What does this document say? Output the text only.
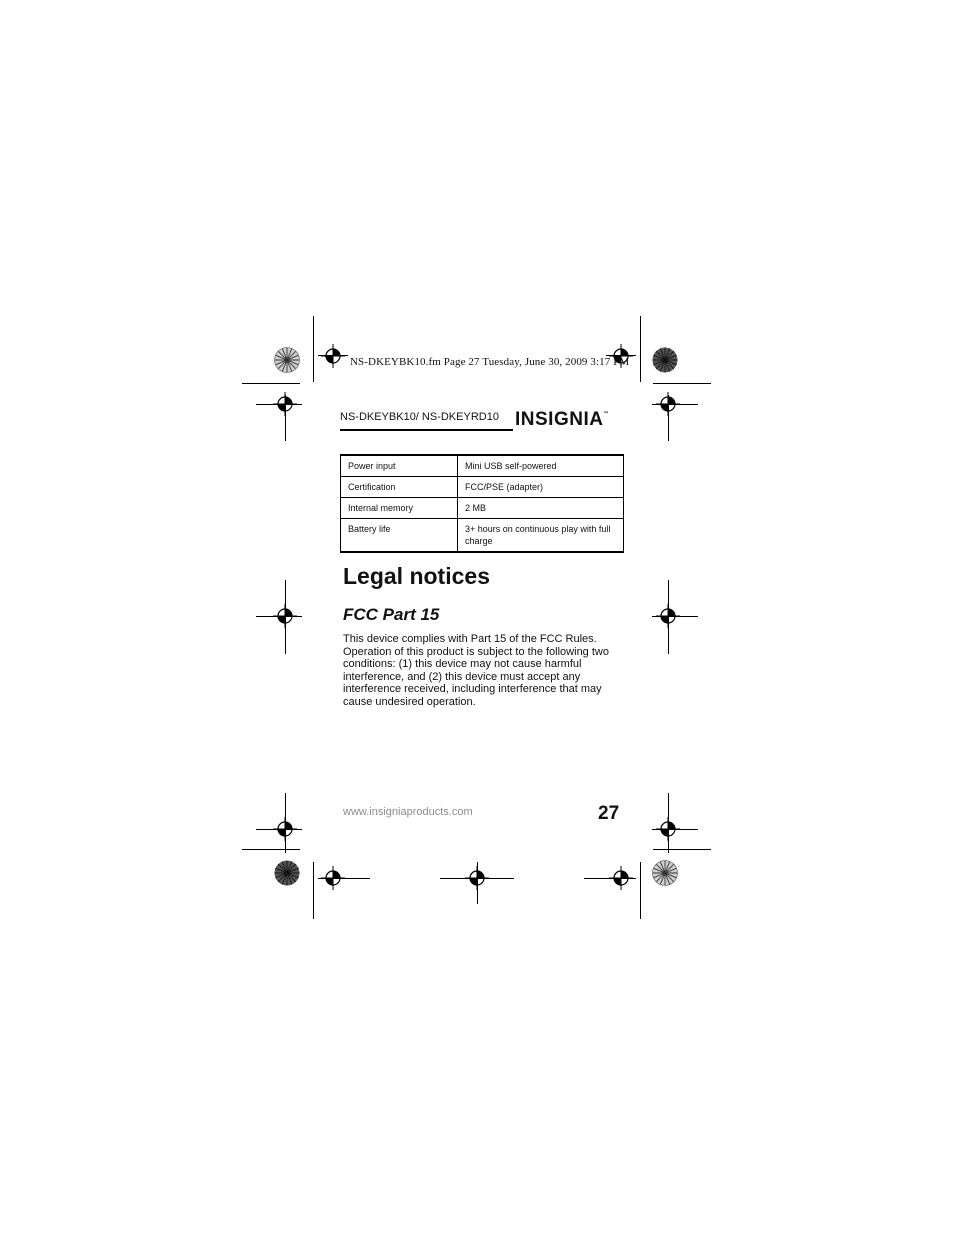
NS-DKEYBK10.fm Page 27 Tuesday, June 30, 2009 3:17 PM
NS-DKEYBK10/ NS-DKEYRD10 INSIGNIA™
Power input	Mini USB self-powered
Certification	FCC/PSE (adapter)
Internal memory	2 MB
Battery life	3+ hours on continuous play with full charge
Legal notices
FCC Part 15
This device complies with Part 15 of the FCC Rules. Operation of this product is subject to the following two conditions: (1) this device may not cause harmful interference, and (2) this device must accept any interference received, including interference that may cause undesired operation.
www.insigniaproducts.com	27
